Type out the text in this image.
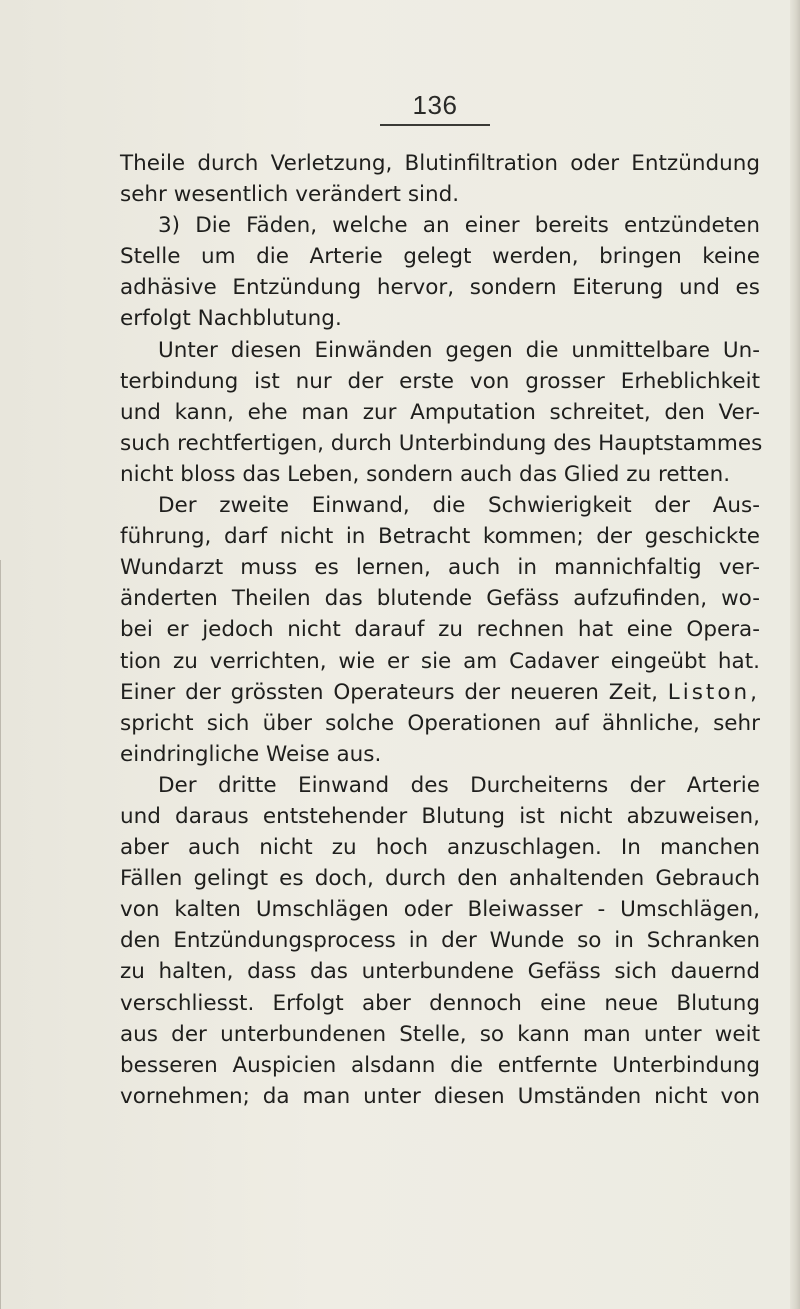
136
Theile durch Verletzung, Blutinfiltration oder Entzündung
sehr wesentlich verändert sind.
3) Die Fäden, welche an einer bereits entzündeten
Stelle um die Arterie gelegt werden, bringen keine
adhäsive Entzündung hervor, sondern Eiterung und es
erfolgt Nachblutung.
Unter diesen Einwänden gegen die unmittelbare Un-
terbindung ist nur der erste von grosser Erheblichkeit
und kann, ehe man zur Amputation schreitet, den Ver-
such rechtfertigen, durch Unterbindung des Hauptstammes
nicht bloss das Leben, sondern auch das Glied zu retten.
Der zweite Einwand, die Schwierigkeit der Aus-
führung, darf nicht in Betracht kommen; der geschickte
Wundarzt muss es lernen, auch in mannichfaltig ver-
änderten Theilen das blutende Gefäss aufzufinden, wo-
bei er jedoch nicht darauf zu rechnen hat eine Opera-
tion zu verrichten, wie er sie am Cadaver eingeübt hat.
Einer der grössten Operateurs der neueren Zeit, Liston,
spricht sich über solche Operationen auf ähnliche, sehr
eindringliche Weise aus.
Der dritte Einwand des Durcheiterns der Arterie
und daraus entstehender Blutung ist nicht abzuweisen,
aber auch nicht zu hoch anzuschlagen. In manchen
Fällen gelingt es doch, durch den anhaltenden Gebrauch
von kalten Umschlägen oder Bleiwasser - Umschlägen,
den Entzündungsprocess in der Wunde so in Schranken
zu halten, dass das unterbundene Gefäss sich dauernd
verschliesst. Erfolgt aber dennoch eine neue Blutung
aus der unterbundenen Stelle, so kann man unter weit
besseren Auspicien alsdann die entfernte Unterbindung
vornehmen; da man unter diesen Umständen nicht von
